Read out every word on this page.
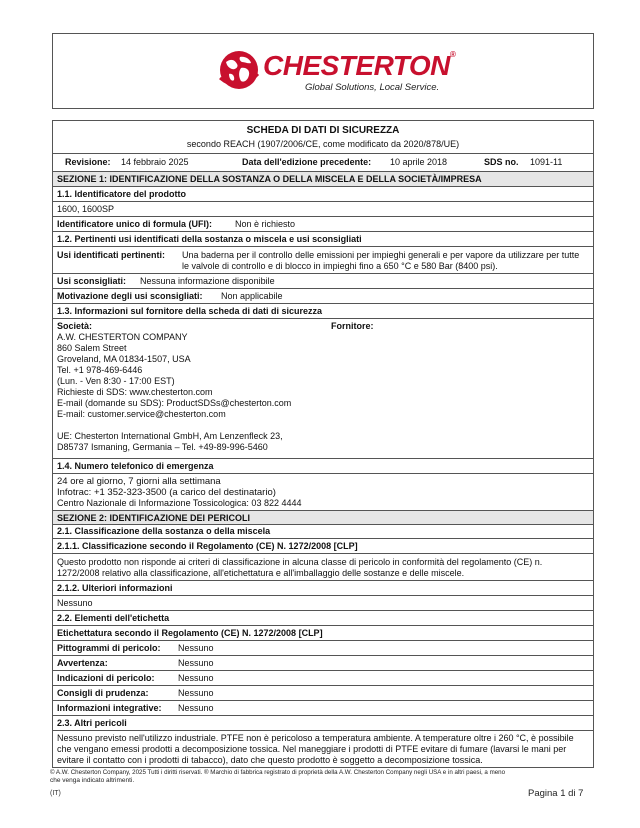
CHESTERTON®
Global Solutions, Local Service.
SCHEDA DI DATI DI SICUREZZA
secondo REACH (1907/2006/CE, come modificato da 2020/878/UE)
Revisione: 14 febbraio 2025	Data dell'edizione precedente: 10 aprile 2018	SDS no. 1091-11
SEZIONE 1: IDENTIFICAZIONE DELLA SOSTANZA O DELLA MISCELA E DELLA SOCIETÀ/IMPRESA
1.1. Identificatore del prodotto
1600, 1600SP
Identificatore unico di formula (UFI):	Non è richiesto
1.2. Pertinenti usi identificati della sostanza o miscela e usi sconsigliati
Usi identificati pertinenti: Una baderna per il controllo delle emissioni per impieghi generali e per vapore da utilizzare per tutte
le valvole di controllo e di blocco in impieghi fino a 650 °C e 580 Bar (8400 psi).
Usi sconsigliati: Nessuna informazione disponibile
Motivazione degli usi sconsigliati: Non applicabile
1.3. Informazioni sul fornitore della scheda di dati di sicurezza
Società:	Fornitore:
A.W. CHESTERTON COMPANY
860 Salem Street
Groveland, MA 01834-1507, USA
Tel. +1 978-469-6446
(Lun. - Ven 8:30 - 17:00 EST)
Richieste di SDS: www.chesterton.com
E-mail (domande su SDS): ProductSDSs@chesterton.com
E-mail: customer.service@chesterton.com
UE: Chesterton International GmbH, Am Lenzenfleck 23,
D85737 Ismaning, Germania – Tel. +49-89-996-5460
1.4. Numero telefonico di emergenza
24 ore al giorno, 7 giorni alla settimana
Infotrac: +1 352-323-3500 (a carico del destinatario)
Centro Nazionale di Informazione Tossicologica: 03 822 4444
SEZIONE 2: IDENTIFICAZIONE DEI PERICOLI
2.1. Classificazione della sostanza o della miscela
2.1.1. Classificazione secondo il Regolamento (CE) N. 1272/2008 [CLP]
Questo prodotto non risponde ai criteri di classificazione in alcuna classe di pericolo in conformità del regolamento (CE) n.
1272/2008 relativo alla classificazione, all'etichettatura e all'imballaggio delle sostanze e delle miscele.
2.1.2. Ulteriori informazioni
Nessuno
2.2. Elementi dell'etichetta
Etichettatura secondo il Regolamento (CE) N. 1272/2008 [CLP]
Pittogrammi di pericolo: Nessuno
Avvertenza:	Nessuno
Indicazioni di pericolo:	Nessuno
Consigli di prudenza:	Nessuno
Informazioni integrative: Nessuno
2.3. Altri pericoli
Nessuno previsto nell'utilizzo industriale. PTFE non è pericoloso a temperatura ambiente. A temperature oltre i 260 °C, è possibile
che vengano emessi prodotti a decomposizione tossica. Nel maneggiare i prodotti di PTFE evitare di fumare (lavarsi le mani per
evitare il contatto con i prodotti di tabacco), dato che questo prodotto è soggetto a decomposizione tossica.
© A.W. Chesterton Company, 2025 Tutti i diritti riservati. ® Marchio di fabbrica registrato di proprietà della A.W. Chesterton Company negli USA e in altri paesi, a meno
che venga indicato altrimenti.
(IT)	Pagina 1 di 7
